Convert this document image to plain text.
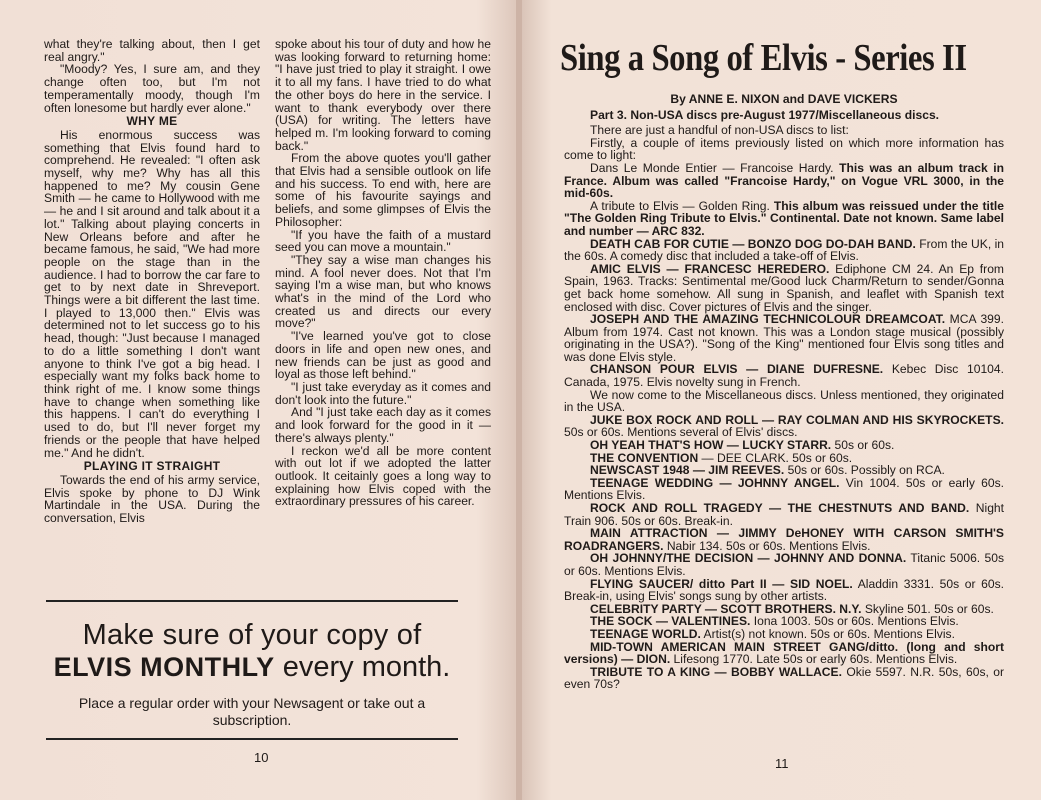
what they're talking about, then I get real angry."

"Moody? Yes, I sure am, and they change often too, but I'm not temperamentally moody, though I'm often lonesome but hardly ever alone."

WHY ME

His enormous success was something that Elvis found hard to comprehend. He revealed: "I often ask myself, why me? Why has all this happened to me? My cousin Gene Smith — he came to Hollywood with me — he and I sit around and talk about it a lot." Talking about playing concerts in New Orleans before and after he became famous, he said, "We had more people on the stage than in the audience. I had to borrow the car fare to get to by next date in Shreveport. Things were a bit different the last time. I played to 13,000 then." Elvis was determined not to let success go to his head, though: "Just because I managed to do a little something I don't want anyone to think I've got a big head. I especially want my folks back home to think right of me. I know some things have to change when something like this happens. I can't do everything I used to do, but I'll never forget my friends or the people that have helped me." And he didn't.

PLAYING IT STRAIGHT

Towards the end of his army service, Elvis spoke by phone to DJ Wink Martindale in the USA. During the conversation, Elvis

spoke about his tour of duty and how he was looking forward to returning home: "I have just tried to play it straight. I owe it to all my fans. I have tried to do what the other boys do here in the service. I want to thank everybody over there (USA) for writing. The letters have helped m. I'm looking forward to coming back."

From the above quotes you'll gather that Elvis had a sensible outlook on life and his success. To end with, here are some of his favourite sayings and beliefs, and some glimpses of Elvis the Philosopher:

"If you have the faith of a mustard seed you can move a mountain."

"They say a wise man changes his mind. A fool never does. Not that I'm saying I'm a wise man, but who knows what's in the mind of the Lord who created us and directs our every move?"

"I've learned you've got to close doors in life and open new ones, and new friends can be just as good and loyal as those left behind."

"I just take everyday as it comes and don't look into the future."

And "I just take each day as it comes and look forward for the good in it — there's always plenty."

I reckon we'd all be more content with out lot if we adopted the latter outlook. It ceitainly goes a long way to explaining how Elvis coped with the extraordinary pressures of his career.

Make sure of your copy of
ELVIS MONTHLY every month.
Place a regular order with your Newsagent or take out a subscription.
10
Sing a Song of Elvis - Series II

By ANNE E. NIXON and DAVE VICKERS

Part 3. Non-USA discs pre-August 1977/Miscellaneous discs.

There are just a handful of non-USA discs to list:

Firstly, a couple of items previously listed on which more information has come to light:

Dans Le Monde Entier — Francoise Hardy. This was an album track in France. Album was called "Francoise Hardy," on Vogue VRL 3000, in the mid-60s.

A tribute to Elvis — Golden Ring. This album was reissued under the title "The Golden Ring Tribute to Elvis." Continental. Date not known. Same label and number — ARC 832.

DEATH CAB FOR CUTIE — BONZO DOG DO-DAH BAND. From the UK, in the 60s. A comedy disc that included a take-off of Elvis.

AMIC ELVIS — FRANCESC HEREDERO. Ediphone CM 24. An Ep from Spain, 1963. Tracks: Sentimental me/Good luck Charm/Return to sender/Gonna get back home somehow. All sung in Spanish, and leaflet with Spanish text enclosed with disc. Cover pictures of Elvis and the singer.

JOSEPH AND THE AMAZING TECHNICOLOUR DREAMCOAT. MCA 399. Album from 1974. Cast not known. This was a London stage musical (possibly originating in the USA?). "Song of the King" mentioned four Elvis song titles and was done Elvis style.

CHANSON POUR ELVIS — DIANE DUFRESNE. Kebec Disc 10104. Canada, 1975. Elvis novelty sung in French.

We now come to the Miscellaneous discs. Unless mentioned, they originated in the USA.

JUKE BOX ROCK AND ROLL — RAY COLMAN AND HIS SKYROCKETS. 50s or 60s. Mentions several of Elvis' discs.

OH YEAH THAT'S HOW — LUCKY STARR. 50s or 60s.

THE CONVENTION — DEE CLARK. 50s or 60s.

NEWSCAST 1948 — JIM REEVES. 50s or 60s. Possibly on RCA.

TEENAGE WEDDING — JOHNNY ANGEL. Vin 1004. 50s or early 60s. Mentions Elvis.

ROCK AND ROLL TRAGEDY — THE CHESTNUTS AND BAND. Night Train 906. 50s or 60s. Break-in.

MAIN ATTRACTION — JIMMY DeHONEY WITH CARSON SMITH'S ROADRANGERS. Nabir 134. 50s or 60s. Mentions Elvis.

OH JOHNNY/THE DECISION — JOHNNY AND DONNA. Titanic 5006. 50s or 60s. Mentions Elvis.

FLYING SAUCER/ ditto Part II — SID NOEL. Aladdin 3331. 50s or 60s. Break-in, using Elvis' songs sung by other artists.

CELEBRITY PARTY — SCOTT BROTHERS. N.Y. Skyline 501. 50s or 60s.

THE SOCK — VALENTINES. Iona 1003. 50s or 60s. Mentions Elvis.

TEENAGE WORLD. Artist(s) not known. 50s or 60s. Mentions Elvis.

MID-TOWN AMERICAN MAIN STREET GANG/ditto. (long and short versions) — DION. Lifesong 1770. Late 50s or early 60s. Mentions Elvis.

TRIBUTE TO A KING — BOBBY WALLACE. Okie 5597. N.R. 50s, 60s, or even 70s?

11
